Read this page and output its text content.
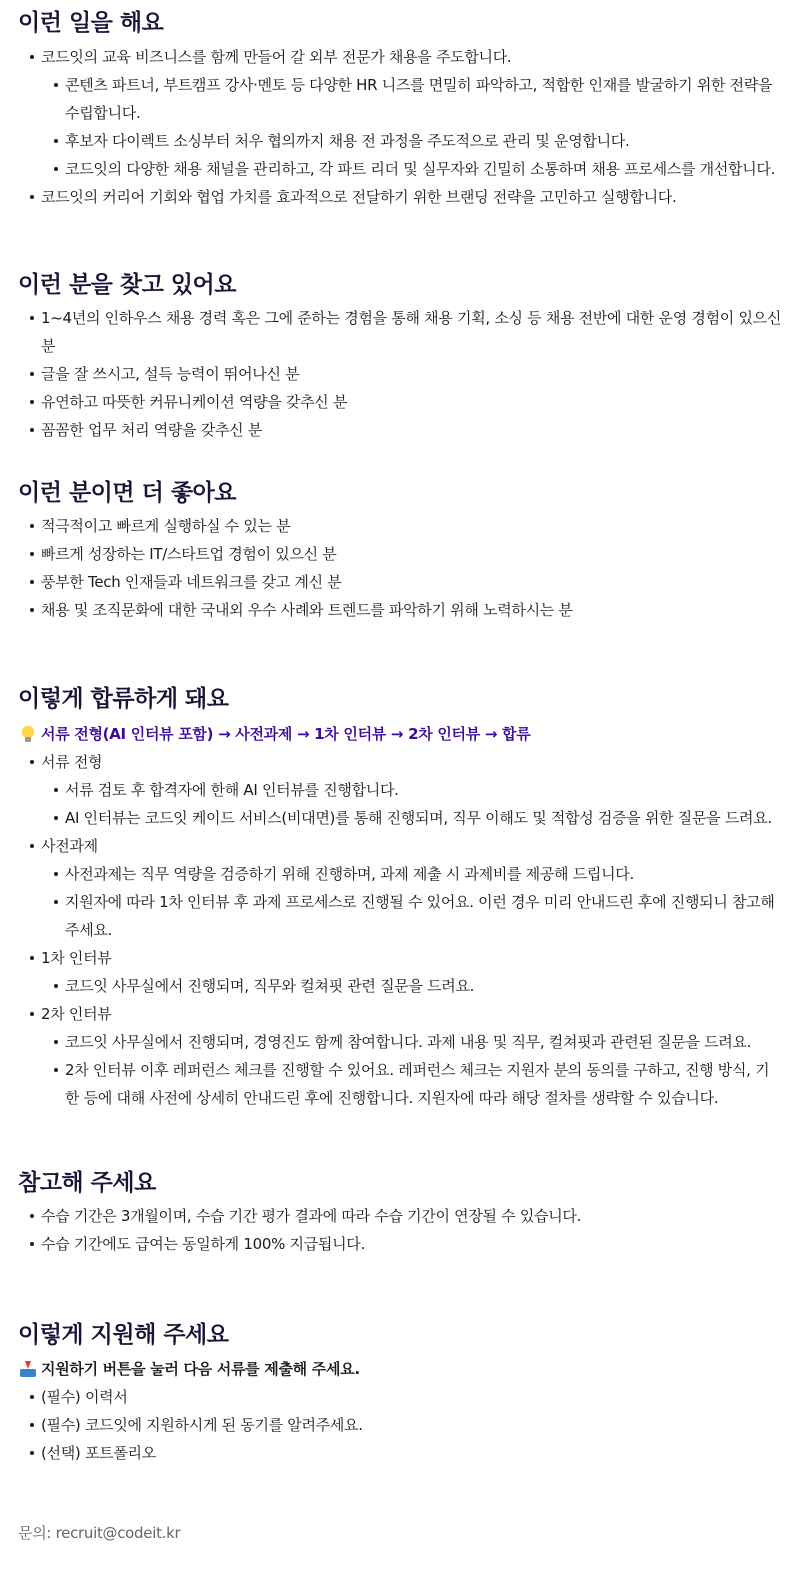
이런 일을 해요
코드잇의 교육 비즈니스를 함께 만들어 갈 외부 전문가 채용을 주도합니다.
콘텐츠 파트너, 부트캠프 강사·멘토 등 다양한 HR 니즈를 면밀히 파악하고, 적합한 인재를 발굴하기 위한 전략을 수립합니다.
후보자 다이렉트 소싱부터 처우 협의까지 채용 전 과정을 주도적으로 관리 및 운영합니다.
코드잇의 다양한 채용 채널을 관리하고, 각 파트 리더 및 실무자와 긴밀히 소통하며 채용 프로세스를 개선합니다.
코드잇의 커리어 기회와 협업 가치를 효과적으로 전달하기 위한 브랜딩 전략을 고민하고 실행합니다.
이런 분을 찾고 있어요
1~4년의 인하우스 채용 경력 혹은 그에 준하는 경험을 통해 채용 기획, 소싱 등 채용 전반에 대한 운영 경험이 있으신 분
글을 잘 쓰시고, 설득 능력이 뛰어나신 분
유연하고 따뜻한 커뮤니케이션 역량을 갖추신 분
꼼꼼한 업무 처리 역량을 갖추신 분
이런 분이면 더 좋아요
적극적이고 빠르게 실행하실 수 있는 분
빠르게 성장하는 IT/스타트업 경험이 있으신 분
풍부한 Tech 인재들과 네트워크를 갖고 계신 분
채용 및 조직문화에 대한 국내외 우수 사례와 트렌드를 파악하기 위해 노력하시는 분
이렇게 합류하게 돼요
서류 전형(AI 인터뷰 포함) → 사전과제 → 1차 인터뷰 → 2차 인터뷰 → 합류
서류 전형
서류 검토 후 합격자에 한해 AI 인터뷰를 진행합니다.
AI 인터뷰는 코드잇 케이드 서비스(비대면)를 통해 진행되며, 직무 이해도 및 적합성 검증을 위한 질문을 드려요.
사전과제
사전과제는 직무 역량을 검증하기 위해 진행하며, 과제 제출 시 과제비를 제공해 드립니다.
지원자에 따라 1차 인터뷰 후 과제 프로세스로 진행될 수 있어요. 이런 경우 미리 안내드린 후에 진행되니 참고해 주세요.
1차 인터뷰
코드잇 사무실에서 진행되며, 직무와 컬쳐핏 관련 질문을 드려요.
2차 인터뷰
코드잇 사무실에서 진행되며, 경영진도 함께 참여합니다. 과제 내용 및 직무, 컬쳐핏과 관련된 질문을 드려요.
2차 인터뷰 이후 레퍼런스 체크를 진행할 수 있어요. 레퍼런스 체크는 지원자 분의 동의를 구하고, 진행 방식, 기한 등에 대해 사전에 상세히 안내드린 후에 진행합니다. 지원자에 따라 해당 절차를 생략할 수 있습니다.
참고해 주세요
수습 기간은 3개월이며, 수습 기간 평가 결과에 따라 수습 기간이 연장될 수 있습니다.
수습 기간에도 급여는 동일하게 100% 지급됩니다.
이렇게 지원해 주세요
지원하기 버튼을 눌러 다음 서류를 제출해 주세요.
(필수) 이력서
(필수) 코드잇에 지원하시게 된 동기를 알려주세요.
(선택) 포트폴리오
문의: recruit@codeit.kr
